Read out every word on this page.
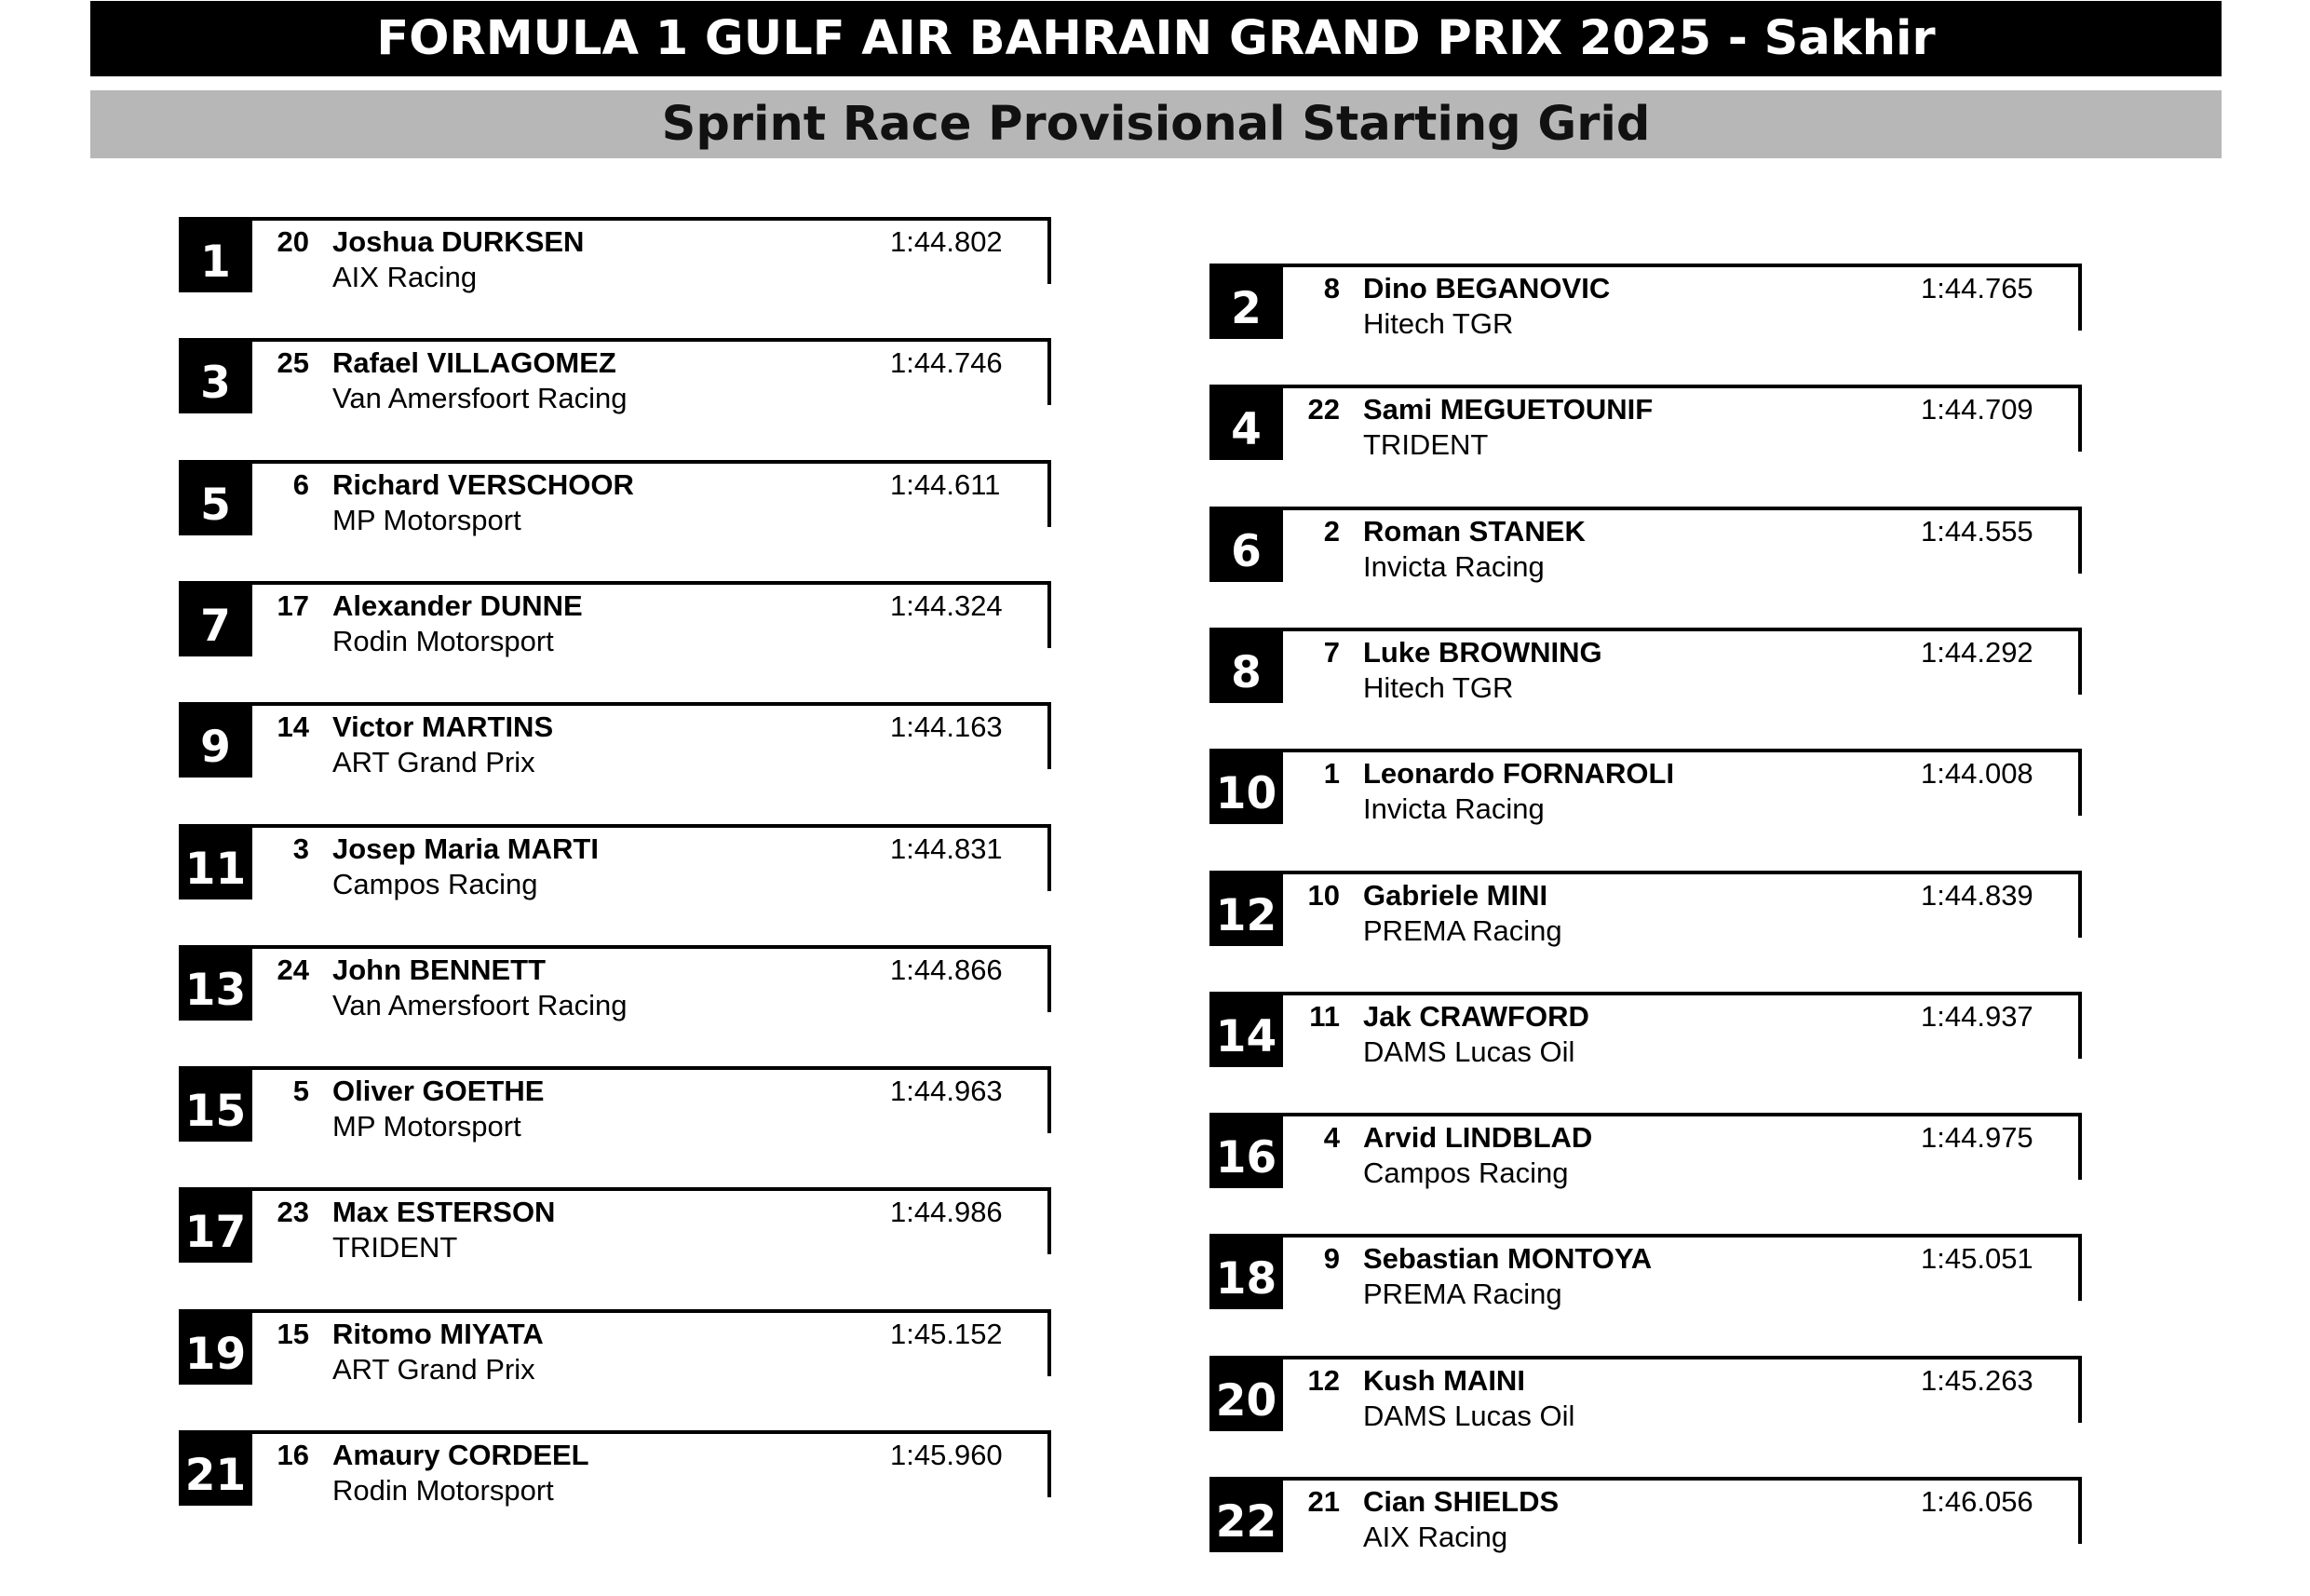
FORMULA 1 GULF AIR BAHRAIN GRAND PRIX 2025 - Sakhir
Sprint Race Provisional Starting Grid
1	20 Joshua DURKSEN
AIX Racing
1:44.802
3	25 Rafael VILLAGOMEZ
Van Amersfoort Racing
1:44.746
5	6 Richard VERSCHOOR
MP Motorsport
1:44.611
7	17 Alexander DUNNE
Rodin Motorsport
1:44.324
9	14 Victor MARTINS
ART Grand Prix
1:44.163
11	3 Josep Maria MARTI
Campos Racing
1:44.831
13	24 John BENNETT
Van Amersfoort Racing
1:44.866
15	5 Oliver GOETHE
MP Motorsport
1:44.963
17	23 Max ESTERSON
TRIDENT
1:44.986
19	15 Ritomo MIYATA
ART Grand Prix
1:45.152
21	16 Amaury CORDEEL
Rodin Motorsport
1:45.960
2	8 Dino BEGANOVIC
Hitech TGR
1:44.765
4	22 Sami MEGUETOUNIF
TRIDENT
1:44.709
6	2 Roman STANEK
Invicta Racing
1:44.555
8	7 Luke BROWNING
Hitech TGR
1:44.292
10	1 Leonardo FORNAROLI
Invicta Racing
1:44.008
12	10 Gabriele MINI
PREMA Racing
1:44.839
14	11 Jak CRAWFORD
DAMS Lucas Oil
1:44.937
16	4 Arvid LINDBLAD
Campos Racing
1:44.975
18	9 Sebastian MONTOYA
PREMA Racing
1:45.051
20	12 Kush MAINI
DAMS Lucas Oil
1:45.263
22	21 Cian SHIELDS
AIX Racing
1:46.056
